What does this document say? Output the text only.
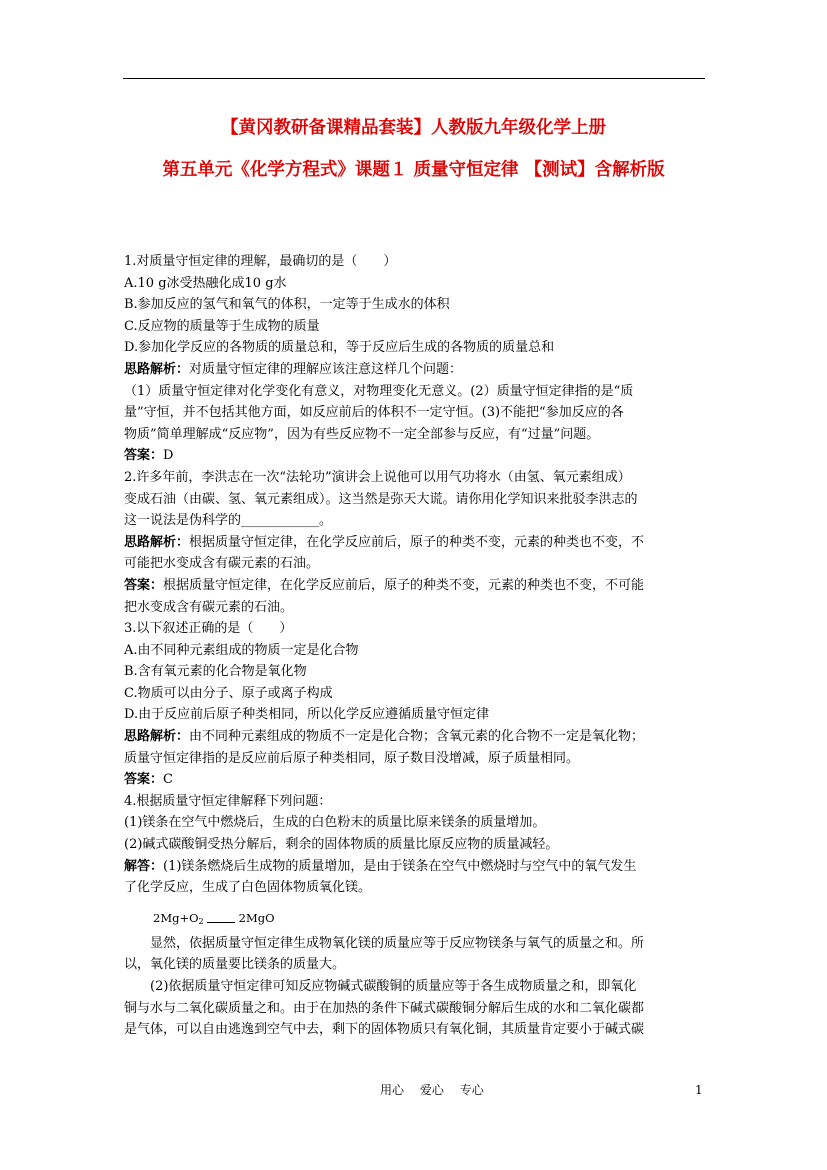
【黄冈教研备课精品套装】人教版九年级化学上册
第五单元《化学方程式》课题１ 质量守恒定律 【测试】含解析版
1.对质量守恒定律的理解，最确切的是（　　）
A.10 g冰受热融化成10 g水
B.参加反应的氢气和氧气的体积，一定等于生成水的体积
C.反应物的质量等于生成物的质量
D.参加化学反应的各物质的质量总和，等于反应后生成的各物质的质量总和
思路解析：对质量守恒定律的理解应该注意这样几个问题：
（1）质量守恒定律对化学变化有意义，对物理变化无意义。(2）质量守恒定律指的是“质
量”守恒，并不包括其他方面，如反应前后的体积不一定守恒。(3)不能把“参加反应的各
物质”简单理解成“反应物”，因为有些反应物不一定全部参与反应，有“过量”问题。
答案：D
2.许多年前，李洪志在一次“法轮功”演讲会上说他可以用气功将水（由氢、氧元素组成）
变成石油（由碳、氢、氧元素组成）。这当然是弥天大谎。请你用化学知识来批驳李洪志的
这一说法是伪科学的____________。
思路解析：根据质量守恒定律，在化学反应前后，原子的种类不变，元素的种类也不变，不
可能把水变成含有碳元素的石油。
答案：根据质量守恒定律，在化学反应前后，原子的种类不变，元素的种类也不变，不可能
把水变成含有碳元素的石油。
3.以下叙述正确的是（　　）
A.由不同种元素组成的物质一定是化合物
B.含有氧元素的化合物是氧化物
C.物质可以由分子、原子或离子构成
D.由于反应前后原子种类相同，所以化学反应遵循质量守恒定律
思路解析：由不同种元素组成的物质不一定是化合物；含氧元素的化合物不一定是氧化物；
质量守恒定律指的是反应前后原子种类相同，原子数目没增减，原子质量相同。
答案：C
4.根据质量守恒定律解释下列问题：
(1)镁条在空气中燃烧后，生成的白色粉末的质量比原来镁条的质量增加。
(2)碱式碳酸铜受热分解后，剩余的固体物质的质量比原反应物的质量减轻。
解答：(1)镁条燃烧后生成物的质量增加，是由于镁条在空气中燃烧时与空气中的氧气发生
了化学反应，生成了白色固体物质氧化镁。
2Mg+O2	2MgO
显然，依据质量守恒定律生成物氧化镁的质量应等于反应物镁条与氧气的质量之和。所
以，氧化镁的质量要比镁条的质量大。
(2)依据质量守恒定律可知反应物碱式碳酸铜的质量应等于各生成物质量之和，即氧化
铜与水与二氧化碳质量之和。由于在加热的条件下碱式碳酸铜分解后生成的水和二氧化碳都
是气体，可以自由逃逸到空气中去，剩下的固体物质只有氧化铜，其质量肯定要小于碱式碳
用心 爱心 专心	1
